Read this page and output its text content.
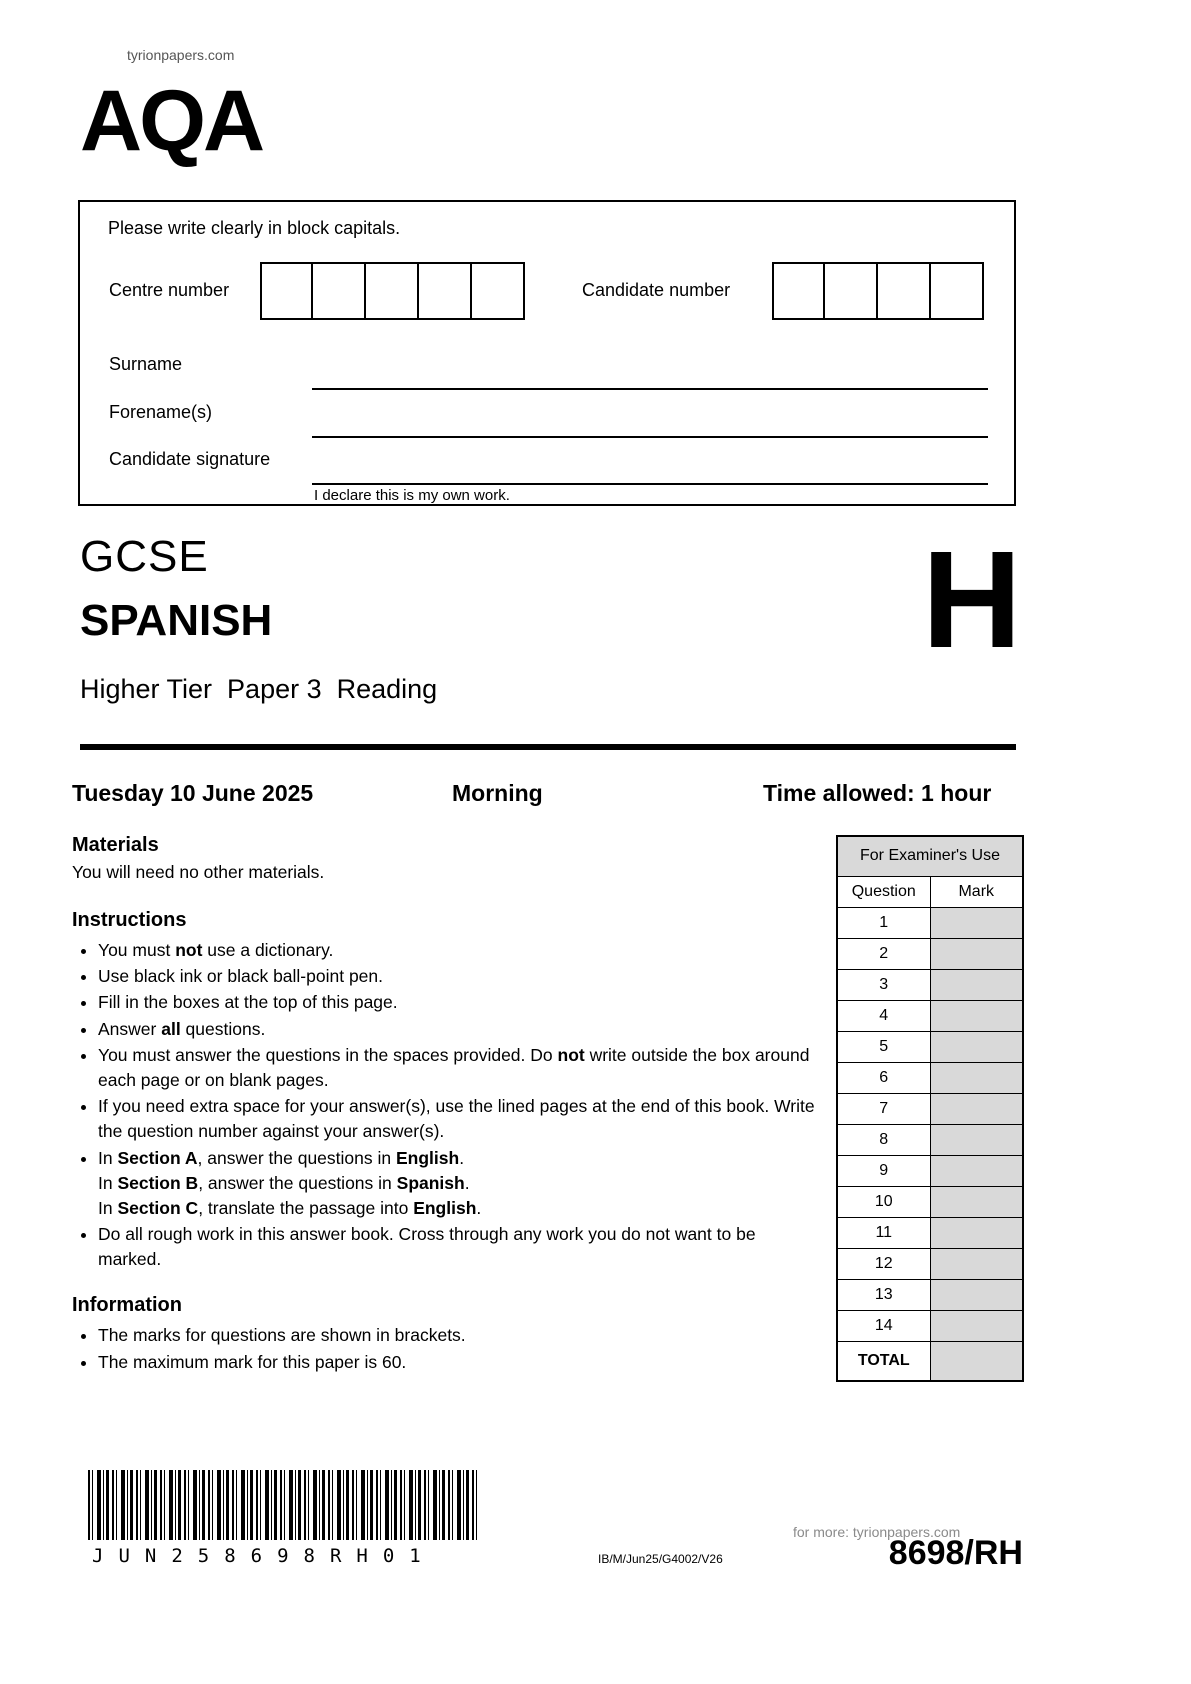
tyrionpapers.com
AQA
Please write clearly in block capitals.
Centre number	Candidate number
Surname
Forename(s)
Candidate signature
I declare this is my own work.
GCSE
SPANISH	H
Higher Tier  Paper 3  Reading
Tuesday 10 June 2025	Morning	Time allowed: 1 hour
Materials
You will need no other materials.
Instructions
• You must not use a dictionary.
• Use black ink or black ball-point pen.
• Fill in the boxes at the top of this page.
• Answer all questions.
• You must answer the questions in the spaces provided. Do not write outside the box around each page or on blank pages.
• If you need extra space for your answer(s), use the lined pages at the end of this book. Write the question number against your answer(s).
• In Section A, answer the questions in English.
In Section B, answer the questions in Spanish.
In Section C, translate the passage into English.
• Do all rough work in this answer book. Cross through any work you do not want to be marked.
Information
• The marks for questions are shown in brackets.
• The maximum mark for this paper is 60.
For Examiner's Use	
Question	Mark
1	
2	
3	
4	
5	
6	
7	
8	
9	
10	
11	
12	
13	
14	
TOTAL	
JUN258698RH01	IB/M/Jun25/G4002/V26
for more: tyrionpapers.com
8698/RH
